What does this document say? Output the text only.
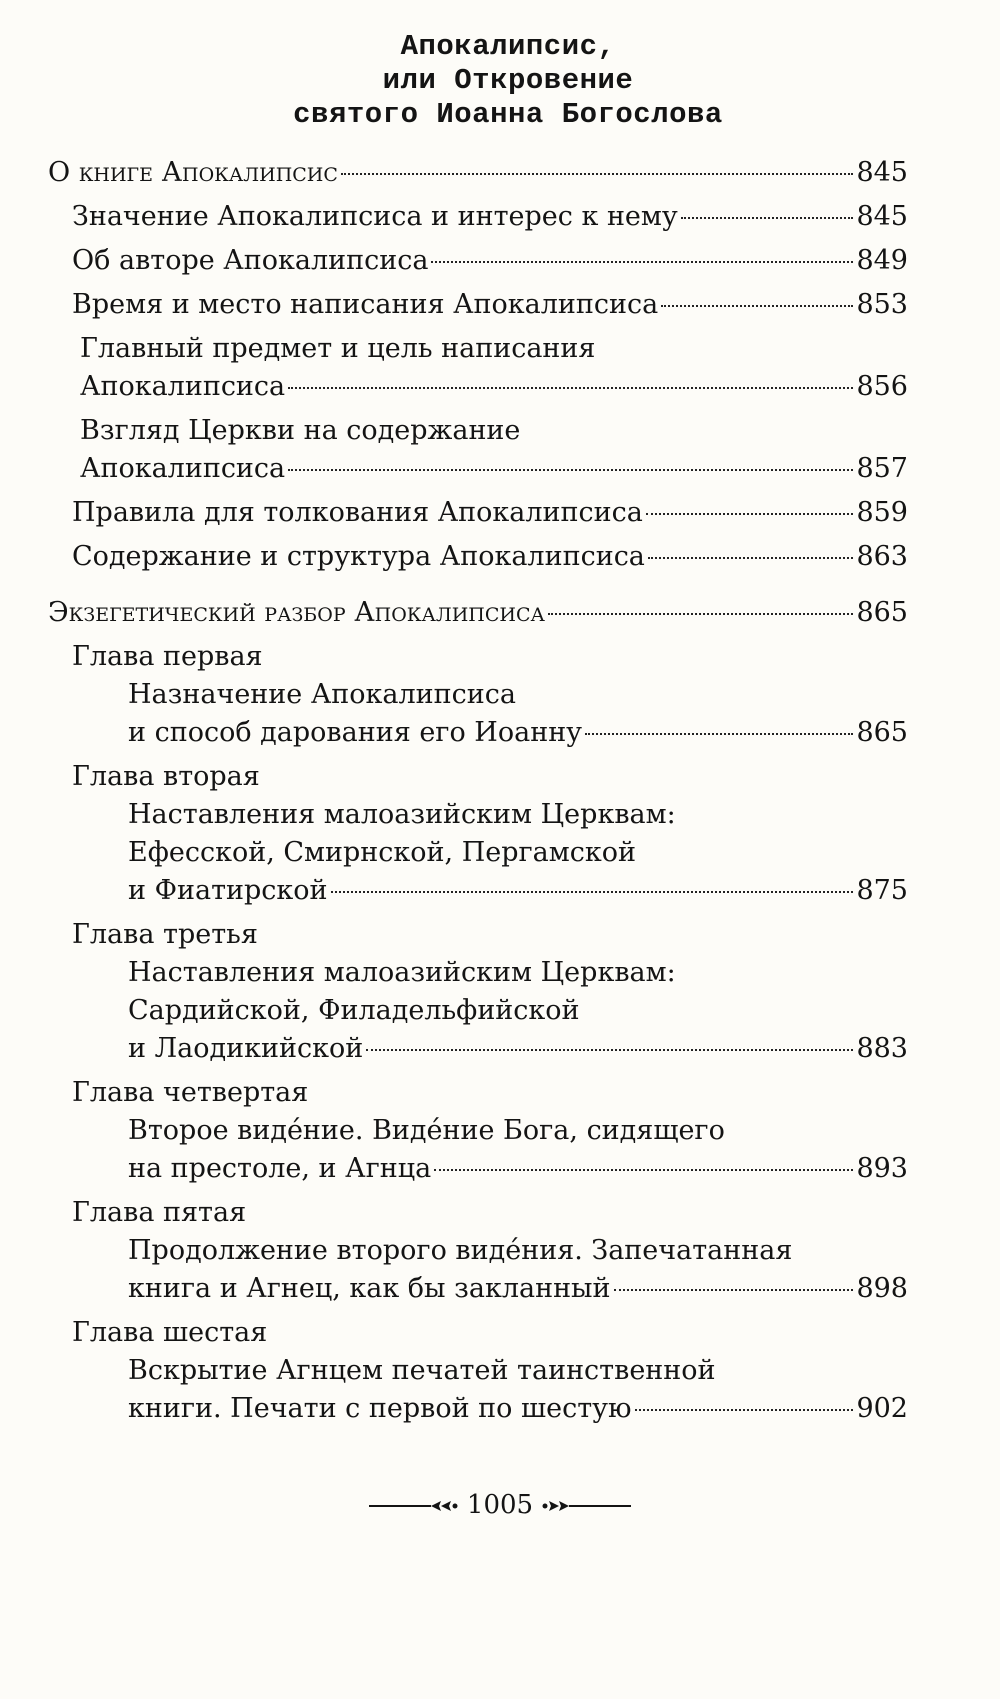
Апокалипсис,
или Откровение
святого Иоанна Богослова
О книге Апокалипсис	845
Значение Апокалипсиса и интерес к нему	845
Об авторе Апокалипсиса	849
Время и место написания Апокалипсиса	853
Главный предмет и цель написания
Апокалипсиса	856
Взгляд Церкви на содержание
Апокалипсиса	857
Правила для толкования Апокалипсиса	859
Содержание и структура Апокалипсиса	863
Экзегетический разбор Апокалипсиса	865
Глава первая
Назначение Апокалипсиса
и способ дарования его Иоанну	865
Глава вторая
Наставления малоазийским Церквам:
Ефесской, Смирнской, Пергамской
и Фиатирской	875
Глава третья
Наставления малоазийским Церквам:
Сардийской, Филадельфийской
и Лаодикийской	883
Глава четвертая
Второе видéние. Видéние Бога, сидящего
на престоле, и Агнца	893
Глава пятая
Продолжение второго видéния. Запечатанная
книга и Агнец, как бы закланный	898
Глава шестая
Вскрытие Агнцем печатей таинственной
книги. Печати с первой по шестую	902
1005
